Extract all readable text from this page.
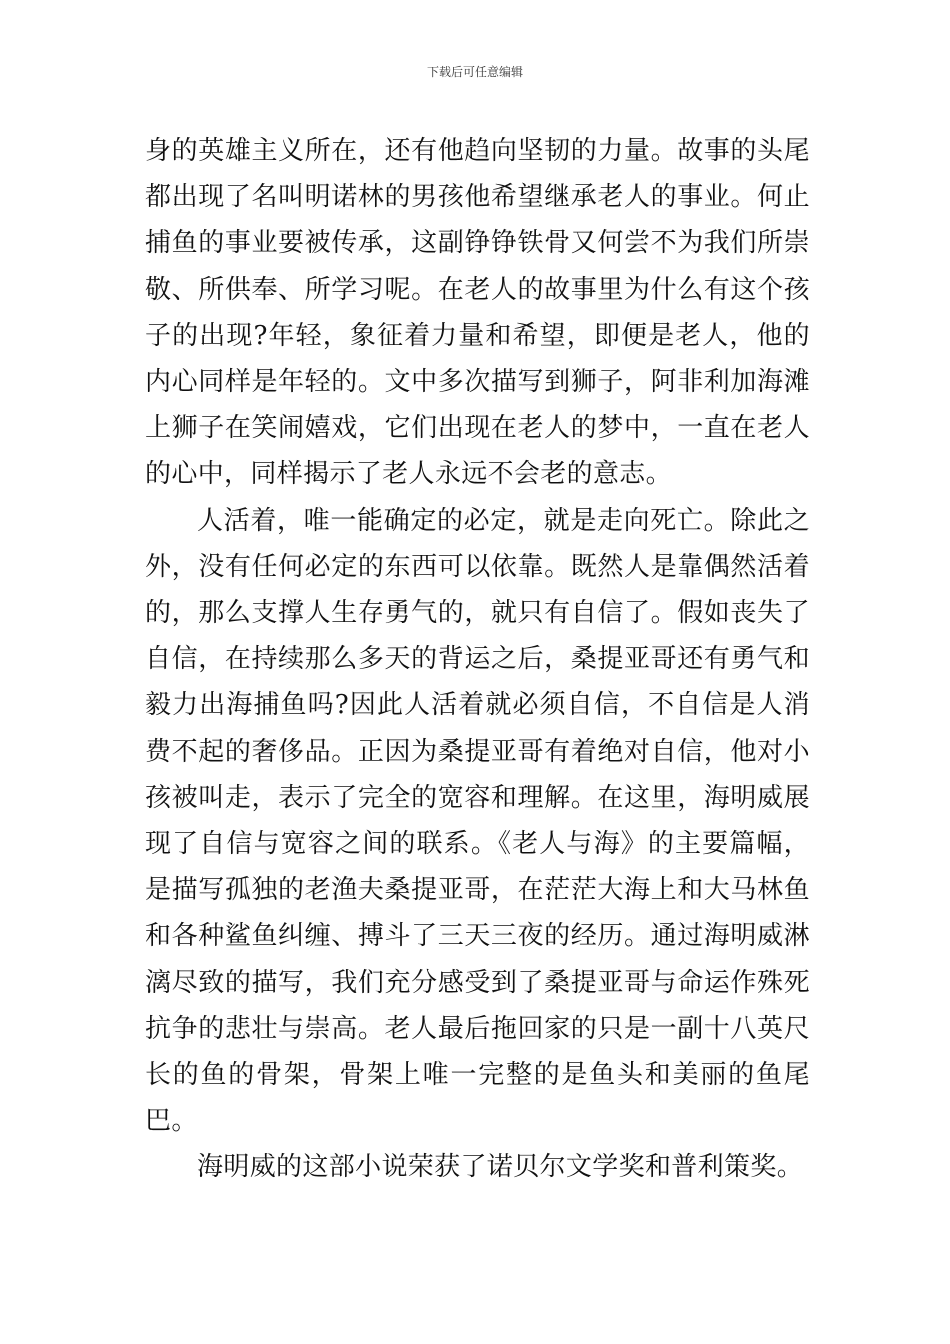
下载后可任意编辑

身的英雄主义所在，还有他趋向坚韧的力量。故事的头尾都出现了名叫明诺林的男孩他希望继承老人的事业。何止捕鱼的事业要被传承，这副铮铮铁骨又何尝不为我们所崇敬、所供奉、所学习呢。在老人的故事里为什么有这个孩子的出现?年轻，象征着力量和希望，即便是老人，他的内心同样是年轻的。文中多次描写到狮子，阿非利加海滩上狮子在笑闹嬉戏，它们出现在老人的梦中，一直在老人的心中，同样揭示了老人永远不会老的意志。

人活着，唯一能确定的必定，就是走向死亡。除此之外，没有任何必定的东西可以依靠。既然人是靠偶然活着的，那么支撑人生存勇气的，就只有自信了。假如丧失了自信，在持续那么多天的背运之后，桑提亚哥还有勇气和毅力出海捕鱼吗?因此人活着就必须自信，不自信是人消费不起的奢侈品。正因为桑提亚哥有着绝对自信，他对小孩被叫走，表示了完全的宽容和理解。在这里，海明威展现了自信与宽容之间的联系。《老人与海》的主要篇幅，是描写孤独的老渔夫桑提亚哥，在茫茫大海上和大马林鱼和各种鲨鱼纠缠、搏斗了三天三夜的经历。通过海明威淋漓尽致的描写，我们充分感受到了桑提亚哥与命运作殊死抗争的悲壮与崇高。老人最后拖回家的只是一副十八英尺长的鱼的骨架，骨架上唯一完整的是鱼头和美丽的鱼尾巴。

海明威的这部小说荣获了诺贝尔文学奖和普利策奖。
